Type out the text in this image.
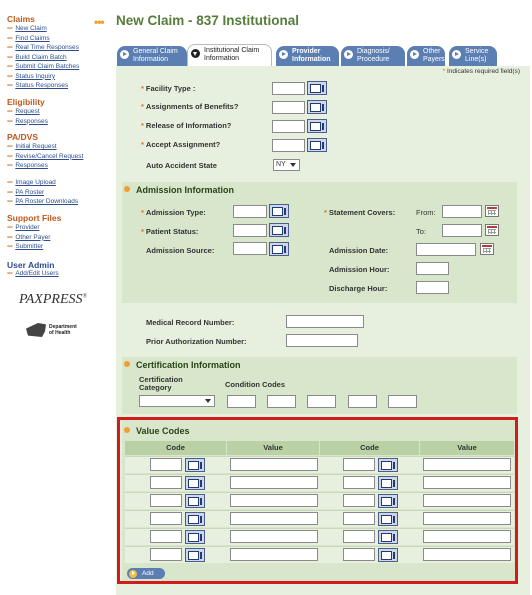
Claims
Eligibility
PA/DVS
Support Files
User Admin
PAXPRESS®
Department
of Health
••• New Claim
••• Find Claims
••• Real Time Responses
••• Build Claim Batch
••• Submit Claim Batches
••• Status Inquiry
••• Status Responses
••• Request
••• Responses
••• Initial Request
••• Revise/Cancel Request
••• Responses
••• Image Upload
••• PA Roster
••• PA Roster Downloads
••• Provider
••• Other Payer
••• Submitter
••• Add/Edit Users
••• New Claim - 837 Institutional
General Claim
Information
Institutional Claim
Information
Provider
Information
Diagnosis/
Procedure
Other
Payers
Service
Line(s)
* Indicates required field(s)
* Facility Type :
* Assignments of Benefits?
* Release of Information?
* Accept Assignment?
Auto Accident State	NY
Admission Information
* Admission Type:
* Patient Status:
Admission Source:
* Statement Covers:	From:
To:
Admission Date:
Admission Hour:
Discharge Hour:
Medical Record Number:
Prior Authorization Number:
Certification Information
Certification
Category	Condition Codes
Value Codes
Code	Value	Code	Value
Add
